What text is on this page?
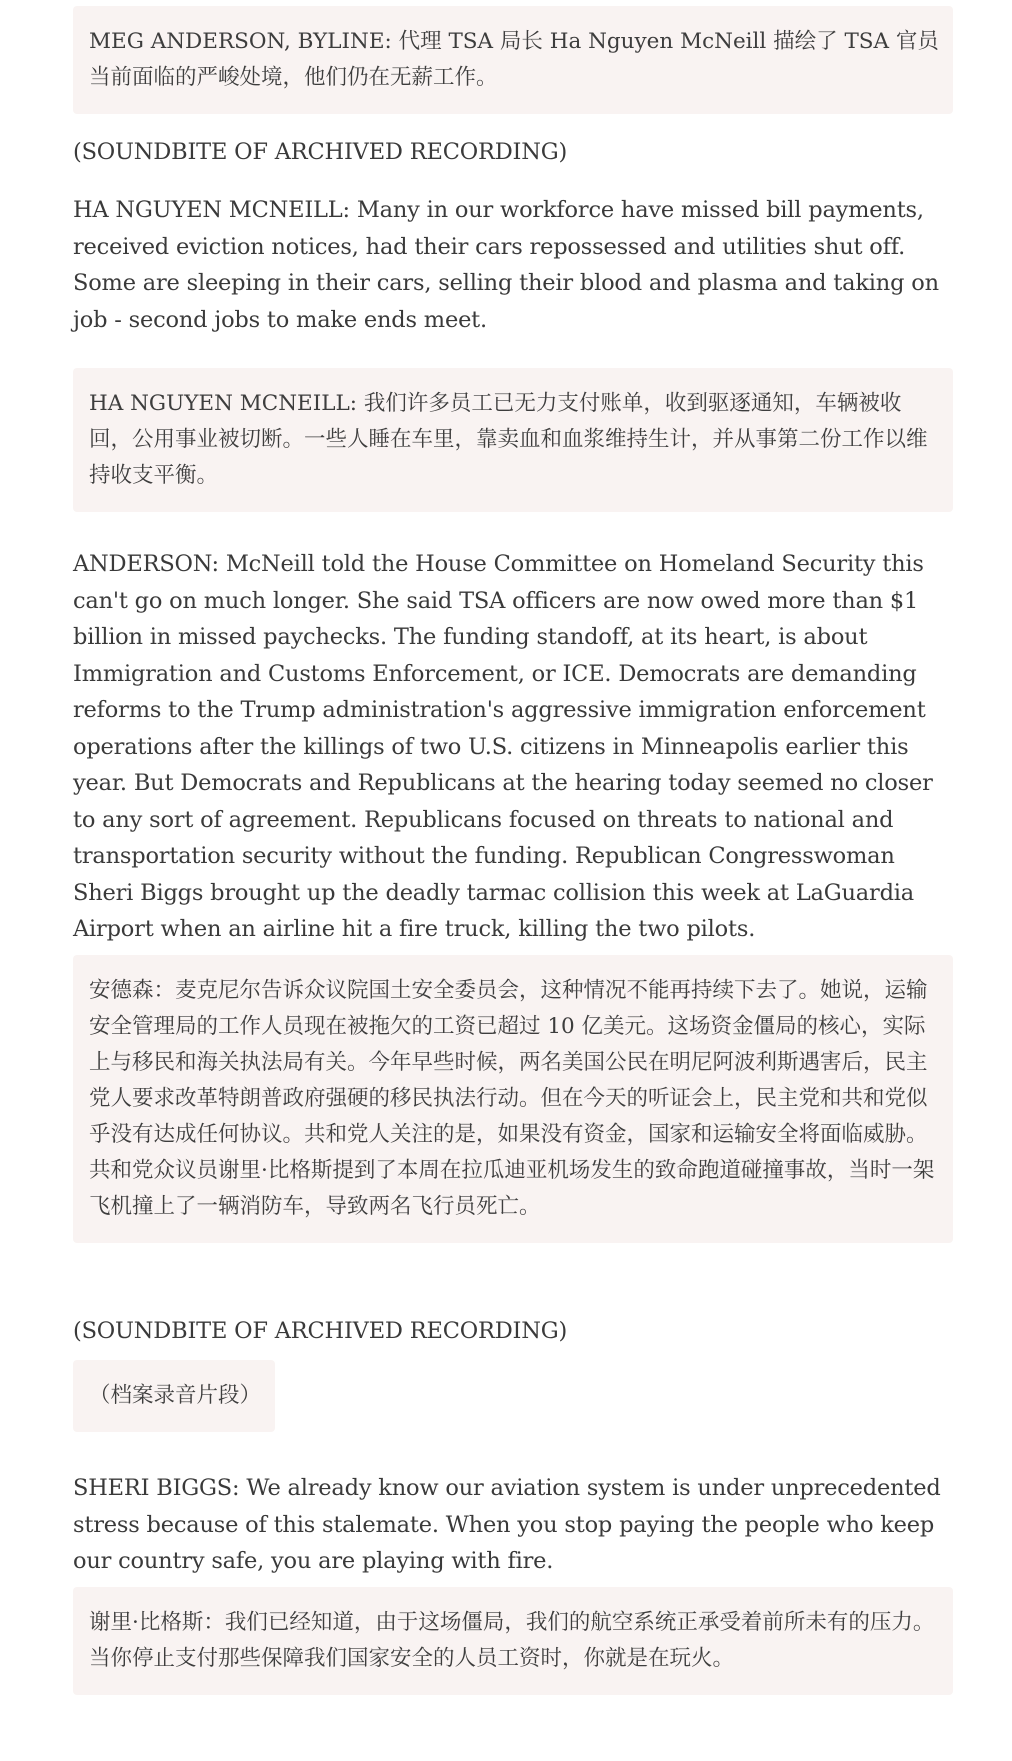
MEG ANDERSON, BYLINE: 代理 TSA 局长 Ha Nguyen McNeill 描绘了 TSA 官员当前面临的严峻处境，他们仍在无薪工作。

(SOUNDBITE OF ARCHIVED RECORDING)

HA NGUYEN MCNEILL: Many in our workforce have missed bill payments, received eviction notices, had their cars repossessed and utilities shut off. Some are sleeping in their cars, selling their blood and plasma and taking on job - second jobs to make ends meet.

HA NGUYEN MCNEILL: 我们许多员工已无力支付账单，收到驱逐通知，车辆被收回，公用事业被切断。一些人睡在车里，靠卖血和血浆维持生计，并从事第二份工作以维持收支平衡。

ANDERSON: McNeill told the House Committee on Homeland Security this can't go on much longer. She said TSA officers are now owed more than $1 billion in missed paychecks. The funding standoff, at its heart, is about Immigration and Customs Enforcement, or ICE. Democrats are demanding reforms to the Trump administration's aggressive immigration enforcement operations after the killings of two U.S. citizens in Minneapolis earlier this year. But Democrats and Republicans at the hearing today seemed no closer to any sort of agreement. Republicans focused on threats to national and transportation security without the funding. Republican Congresswoman Sheri Biggs brought up the deadly tarmac collision this week at LaGuardia Airport when an airline hit a fire truck, killing the two pilots.

安德森：麦克尼尔告诉众议院国土安全委员会，这种情况不能再持续下去了。她说，运输安全管理局的工作人员现在被拖欠的工资已超过 10 亿美元。这场资金僵局的核心，实际上与移民和海关执法局有关。今年早些时候，两名美国公民在明尼阿波利斯遇害后，民主党人要求改革特朗普政府强硬的移民执法行动。但在今天的听证会上，民主党和共和党似乎没有达成任何协议。共和党人关注的是，如果没有资金，国家和运输安全将面临威胁。共和党众议员谢里·比格斯提到了本周在拉瓜迪亚机场发生的致命跑道碰撞事故，当时一架飞机撞上了一辆消防车，导致两名飞行员死亡。

(SOUNDBITE OF ARCHIVED RECORDING)

（档案录音片段）

SHERI BIGGS: We already know our aviation system is under unprecedented stress because of this stalemate. When you stop paying the people who keep our country safe, you are playing with fire.

谢里·比格斯：我们已经知道，由于这场僵局，我们的航空系统正承受着前所未有的压力。当你停止支付那些保障我们国家安全的人员工资时，你就是在玩火。
